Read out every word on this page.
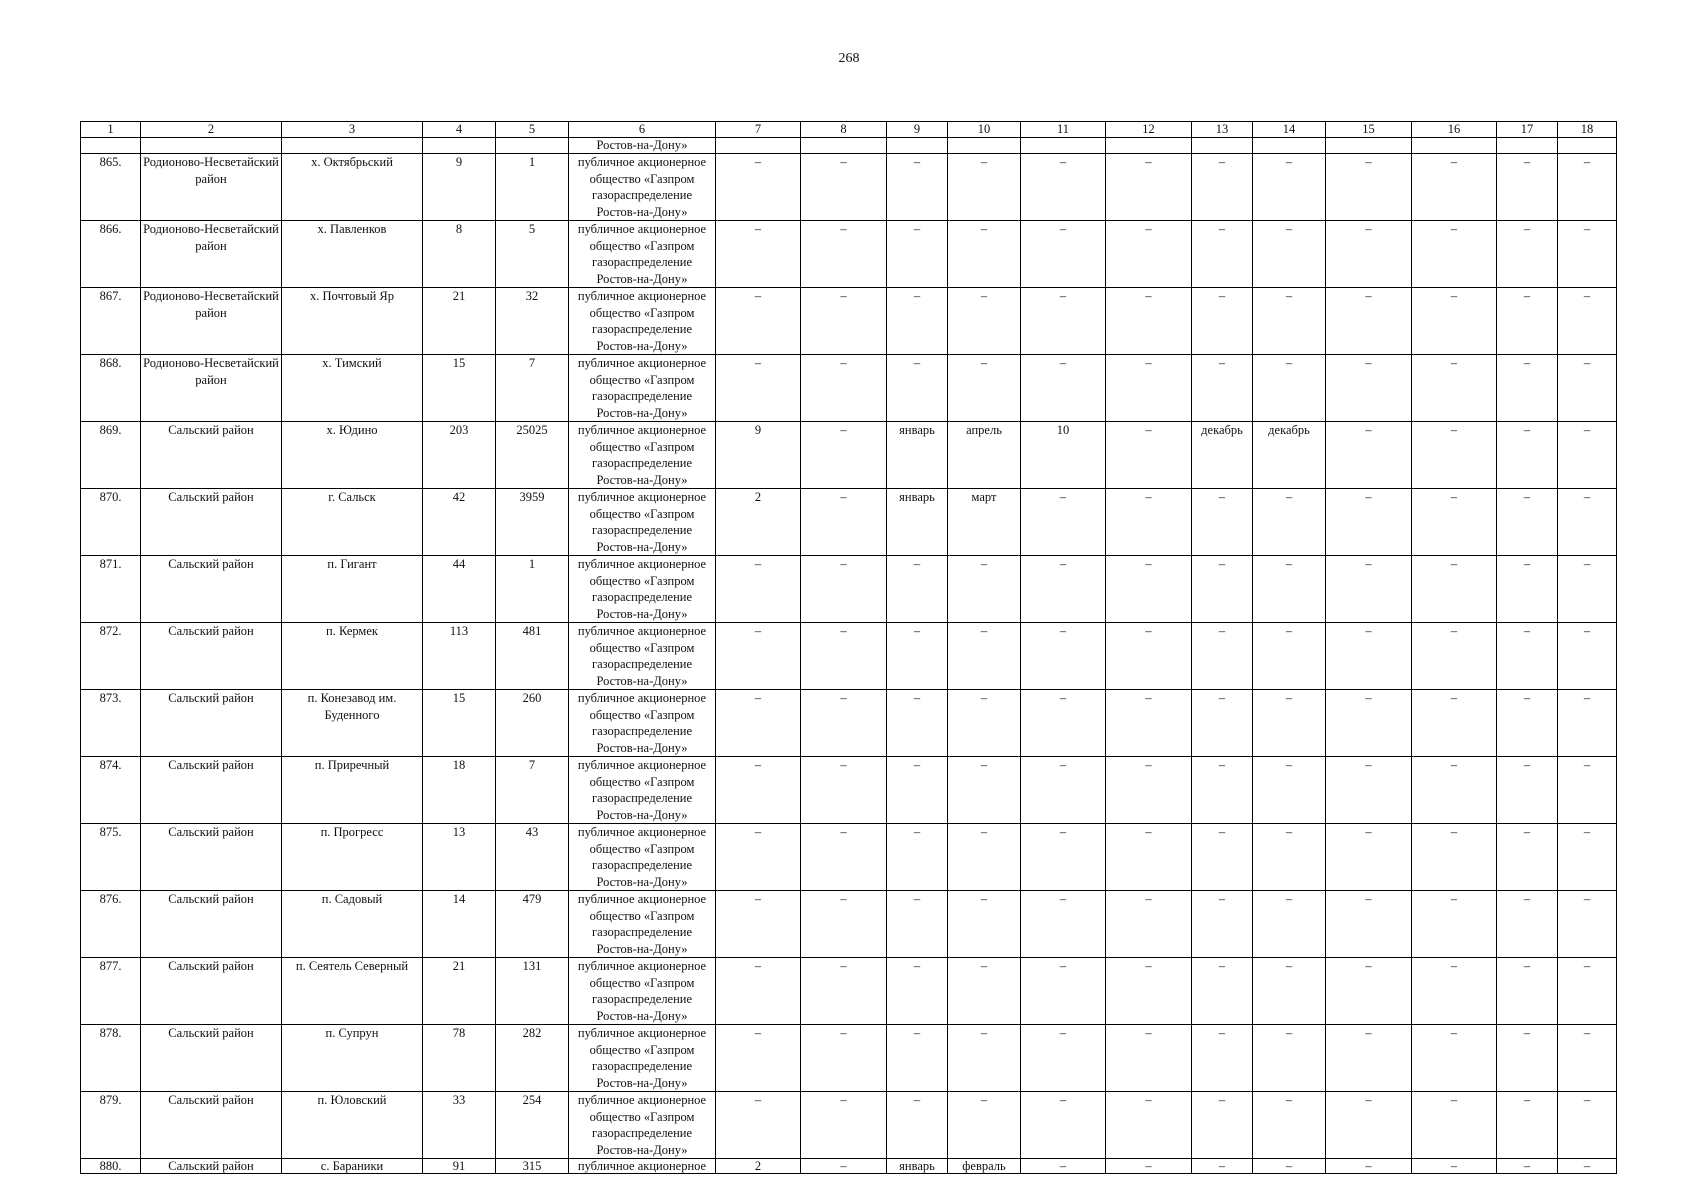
268
1	2	3	4	5	6	7	8	9	10	11	12	13	14	15	16	17	18
					Ростов-на-Дону»												
865.	Родионово-Несветайский район	х. Октябрьский	9	1	публичное акционерное общество «Газпром газораспределение Ростов-на-Дону»	–	–	–	–	–	–	–	–	–	–	–	–
866.	Родионово-Несветайский район	х. Павленков	8	5	публичное акционерное общество «Газпром газораспределение Ростов-на-Дону»	–	–	–	–	–	–	–	–	–	–	–	–
867.	Родионово-Несветайский район	х. Почтовый Яр	21	32	публичное акционерное общество «Газпром газораспределение Ростов-на-Дону»	–	–	–	–	–	–	–	–	–	–	–	–
868.	Родионово-Несветайский район	х. Тимский	15	7	публичное акционерное общество «Газпром газораспределение Ростов-на-Дону»	–	–	–	–	–	–	–	–	–	–	–	–
869.	Сальский район	х. Юдино	203	25025	публичное акционерное общество «Газпром газораспределение Ростов-на-Дону»	9	–	январь	апрель	10	–	декабрь	декабрь	–	–	–	–
870.	Сальский район	г. Сальск	42	3959	публичное акционерное общество «Газпром газораспределение Ростов-на-Дону»	2	–	январь	март	–	–	–	–	–	–	–	–
871.	Сальский район	п. Гигант	44	1	публичное акционерное общество «Газпром газораспределение Ростов-на-Дону»	–	–	–	–	–	–	–	–	–	–	–	–
872.	Сальский район	п. Кермек	113	481	публичное акционерное общество «Газпром газораспределение Ростов-на-Дону»	–	–	–	–	–	–	–	–	–	–	–	–
873.	Сальский район	п. Конезавод им. Буденного	15	260	публичное акционерное общество «Газпром газораспределение Ростов-на-Дону»	–	–	–	–	–	–	–	–	–	–	–	–
874.	Сальский район	п. Приречный	18	7	публичное акционерное общество «Газпром газораспределение Ростов-на-Дону»	–	–	–	–	–	–	–	–	–	–	–	–
875.	Сальский район	п. Прогресс	13	43	публичное акционерное общество «Газпром газораспределение Ростов-на-Дону»	–	–	–	–	–	–	–	–	–	–	–	–
876.	Сальский район	п. Садовый	14	479	публичное акционерное общество «Газпром газораспределение Ростов-на-Дону»	–	–	–	–	–	–	–	–	–	–	–	–
877.	Сальский район	п. Сеятель Северный	21	131	публичное акционерное общество «Газпром газораспределение Ростов-на-Дону»	–	–	–	–	–	–	–	–	–	–	–	–
878.	Сальский район	п. Супрун	78	282	публичное акционерное общество «Газпром газораспределение Ростов-на-Дону»	–	–	–	–	–	–	–	–	–	–	–	–
879.	Сальский район	п. Юловский	33	254	публичное акционерное общество «Газпром газораспределение Ростов-на-Дону»	–	–	–	–	–	–	–	–	–	–	–	–
880.	Сальский район	с. Бараники	91	315	публичное акционерное	2	–	январь	февраль	–	–	–	–	–	–	–	–
